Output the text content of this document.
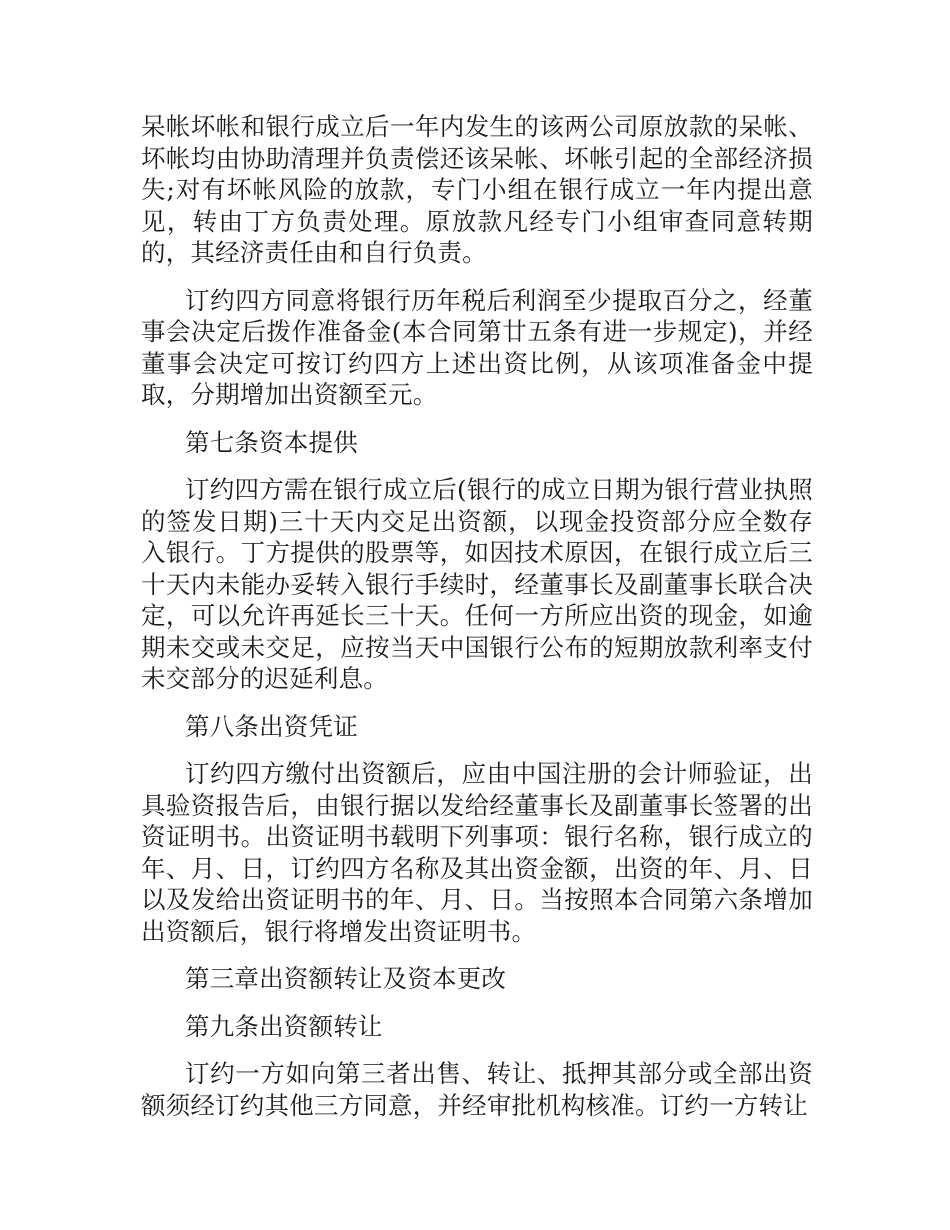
呆帐坏帐和银行成立后一年内发生的该两公司原放款的呆帐、坏帐均由协助清理并负责偿还该呆帐、坏帐引起的全部经济损失;对有坏帐风险的放款，专门小组在银行成立一年内提出意见，转由丁方负责处理。原放款凡经专门小组审查同意转期的，其经济责任由和自行负责。

订约四方同意将银行历年税后利润至少提取百分之，经董事会决定后拨作准备金(本合同第廿五条有进一步规定)，并经董事会决定可按订约四方上述出资比例，从该项准备金中提取，分期增加出资额至元。

第七条资本提供

订约四方需在银行成立后(银行的成立日期为银行营业执照的签发日期)三十天内交足出资额，以现金投资部分应全数存入银行。丁方提供的股票等，如因技术原因，在银行成立后三十天内未能办妥转入银行手续时，经董事长及副董事长联合决定，可以允许再延长三十天。任何一方所应出资的现金，如逾期未交或未交足，应按当天中国银行公布的短期放款利率支付未交部分的迟延利息。

第八条出资凭证

订约四方缴付出资额后，应由中国注册的会计师验证，出具验资报告后，由银行据以发给经董事长及副董事长签署的出资证明书。出资证明书载明下列事项：银行名称，银行成立的年、月、日，订约四方名称及其出资金额，出资的年、月、日以及发给出资证明书的年、月、日。当按照本合同第六条增加出资额后，银行将增发出资证明书。

第三章出资额转让及资本更改

第九条出资额转让

订约一方如向第三者出售、转让、抵押其部分或全部出资额须经订约其他三方同意，并经审批机构核准。订约一方转让
